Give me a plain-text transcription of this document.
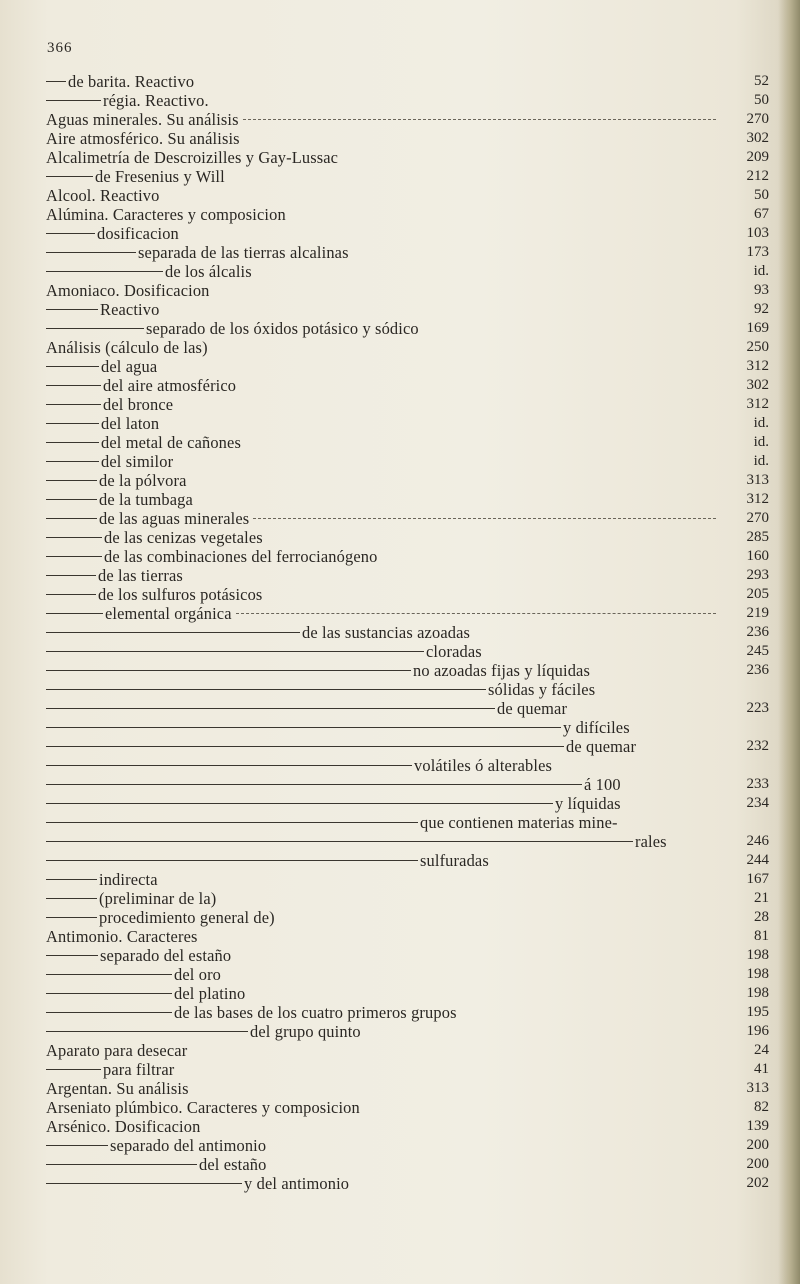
366
de barita. Reactivo	52
régia. Reactivo.	50
Aguas minerales. Su análisis	270
Aire atmosférico. Su análisis	302
Alcalimetría de Descroizilles y Gay-Lussac	209
de Fresenius y Will	212
Alcool. Reactivo	50
Alúmina. Caracteres y composicion	67
dosificacion	103
separada de las tierras alcalinas	173
de los álcalis	id.
Amoniaco. Dosificacion	93
Reactivo	92
separado de los óxidos potásico y sódico	169
Análisis (cálculo de las)	250
del agua	312
del aire atmosférico	302
del bronce	312
del laton	id.
del metal de cañones	id.
del similor	id.
de la pólvora	313
de la tumbaga	312
de las aguas minerales	270
de las cenizas vegetales	285
de las combinaciones del ferrocianógeno	160
de las tierras	293
de los sulfuros potásicos	205
elemental orgánica	219
de las sustancias azoadas	236
cloradas	245
no azoadas fijas y líquidas	236
sólidas y fáciles
de quemar	223
y difíciles
de quemar	232
volátiles ó alterables
á 100	233
y líquidas	234
que contienen materias mine-
rales	246
sulfuradas	244
indirecta	167
(preliminar de la)	21
procedimiento general de)	28
Antimonio. Caracteres	81
separado del estaño	198
del oro	198
del platino	198
de las bases de los cuatro primeros grupos	195
del grupo quinto	196
Aparato para desecar	24
para filtrar	41
Argentan. Su análisis	313
Arseniato plúmbico. Caracteres y composicion	82
Arsénico. Dosificacion	139
separado del antimonio	200
del estaño	200
y del antimonio	202
